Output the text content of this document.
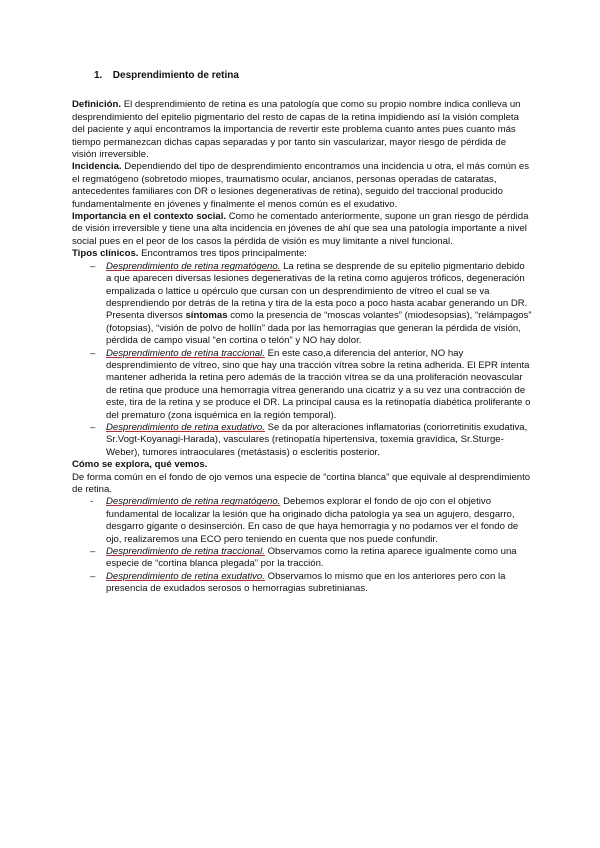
1. Desprendimiento de retina

Definición. El desprendimiento de retina es una patología que como su propio nombre indica conlleva un desprendimiento del epitelio pigmentario del resto de capas de la retina impidiendo así la visión completa del paciente y aquí encontramos la importancia de revertir este problema cuanto antes pues cuanto más tiempo permanezcan dichas capas separadas y por tanto sin vascularizar, mayor riesgo de pérdida de visión irreversible.

Incidencia. Dependiendo del tipo de desprendimiento encontramos una incidencia u otra, el más común es el regmatógeno (sobretodo miopes, traumatismo ocular, ancianos, personas operadas de cataratas, antecedentes familiares con DR o lesiones degenerativas de retina), seguido del traccional producido fundamentalmente en jóvenes y finalmente el menos común es el exudativo.

Importancia en el contexto social. Como he comentado anteriormente, supone un gran riesgo de pérdida de visión irreversible y tiene una alta incidencia en jóvenes de ahí que sea una patología importante a nivel social pues en el peor de los casos la pérdida de visión es muy limitante a nivel funcional.

Tipos clínicos. Encontramos tres tipos principalmente:

– Desprendimiento de retina regmatógeno. La retina se desprende de su epitelio pigmentario debido a que aparecen diversas lesiones degenerativas de la retina como agujeros tróficos, degeneración empalizada o lattice u opérculo que cursan con un desprendimiento de vítreo el cual se va desprendiendo por detrás de la retina y tira de la esta poco a poco hasta acabar generando un DR. Presenta diversos síntomas como la presencia de “moscas volantes” (miodesopsias), “relámpagos” (fotopsias), “visión de polvo de hollín” dada por las hemorragias que generan la pérdida de visión, pérdida de campo visual “en cortina o telón” y NO hay dolor.
– Desprendimiento de retina traccional. En este caso,a diferencia del anterior, NO hay desprendimiento de vítreo, sino que hay una tracción vítrea sobre la retina adherida. El EPR intenta mantener adherida la retina pero además de la tracción vítrea se da una proliferación neovascular de retina que produce una hemorragia vítrea generando una cicatriz y a su vez una contracción de este, tira de la retina y se produce el DR. La principal causa es la retinopatía diabética proliferante o del prematuro (zona isquémica en la región temporal).
– Desprendimiento de retina exudativo. Se da por alteraciones inflamatorias (coriorretinitis exudativa, Sr.Vogt-Koyanagi-Harada), vasculares (retinopatía hipertensiva, toxemia gravídica, Sr.Sturge-Weber), tumores intraoculares (metástasis) o escleritis posterior.

Cómo se explora, qué vemos.

De forma común en el fondo de ojo vemos una especie de “cortina blanca” que equivale al desprendimiento de retina.

- Desprendimiento de retina regmatógeno. Debemos explorar el fondo de ojo con el objetivo fundamental de localizar la lesión que ha originado dicha patología ya sea un agujero, desgarro, desgarro gigante o desinserción. En caso de que haya hemorragia y no podamos ver el fondo de ojo, realizaremos una ECO pero teniendo en cuenta que nos puede confundir.
– Desprendimiento de retina traccional. Observamos como la retina aparece igualmente como una especie de “cortina blanca plegada” por la tracción.
– Desprendimiento de retina exudativo. Observamos lo mismo que en los anteriores pero con la presencia de exudados serosos o hemorragias subretinianas.
